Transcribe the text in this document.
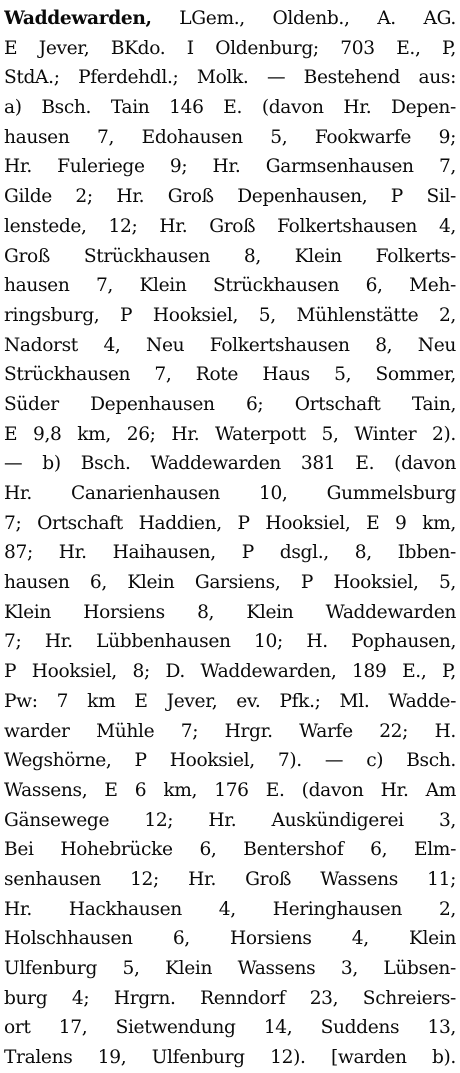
Waddewarden, LGem., Oldenb., A. AG.
E Jever, BKdo. I Oldenburg; 703 E., P,
StdA.; Pferdehdl.; Molk. — Bestehend aus:
a) Bsch. Tain 146 E. (davon Hr. Depen-
hausen 7, Edohausen 5, Fookwarfe 9;
Hr. Fuleriege 9; Hr. Garmsenhausen 7,
Gilde 2; Hr. Groß Depenhausen, P Sil-
lenstede, 12; Hr. Groß Folkertshausen 4,
Groß Strückhausen 8, Klein Folkerts-
hausen 7, Klein Strückhausen 6, Meh-
ringsburg, P Hooksiel, 5, Mühlenstätte 2,
Nadorst 4, Neu Folkertshausen 8, Neu
Strückhausen 7, Rote Haus 5, Sommer,
Süder Depenhausen 6; Ortschaft Tain,
E 9,8 km, 26; Hr. Waterpott 5, Winter 2).
— b) Bsch. Waddewarden 381 E. (davon
Hr. Canarienhausen 10, Gummelsburg
7; Ortschaft Haddien, P Hooksiel, E 9 km,
87; Hr. Haihausen, P dsgl., 8, Ibben-
hausen 6, Klein Garsiens, P Hooksiel, 5,
Klein Horsiens 8, Klein Waddewarden
7; Hr. Lübbenhausen 10; H. Pophausen,
P Hooksiel, 8; D. Waddewarden, 189 E., P,
Pw: 7 km E Jever, ev. Pfk.; Ml. Wadde-
warder Mühle 7; Hrgr. Warfe 22; H.
Wegshörne, P Hooksiel, 7). — c) Bsch.
Wassens, E 6 km, 176 E. (davon Hr. Am
Gänsewege 12; Hr. Auskündigerei 3,
Bei Hohebrücke 6, Bentershof 6, Elm-
senhausen 12; Hr. Groß Wassens 11;
Hr. Hackhausen 4, Heringhausen 2,
Holschhausen 6, Horsiens 4, Klein
Ulfenburg 5, Klein Wassens 3, Lübsen-
burg 4; Hrgrn. Renndorf 23, Schreiers-
ort 17, Sietwendung 14, Suddens 13,
Tralens 19, Ulfenburg 12). [warden b).
